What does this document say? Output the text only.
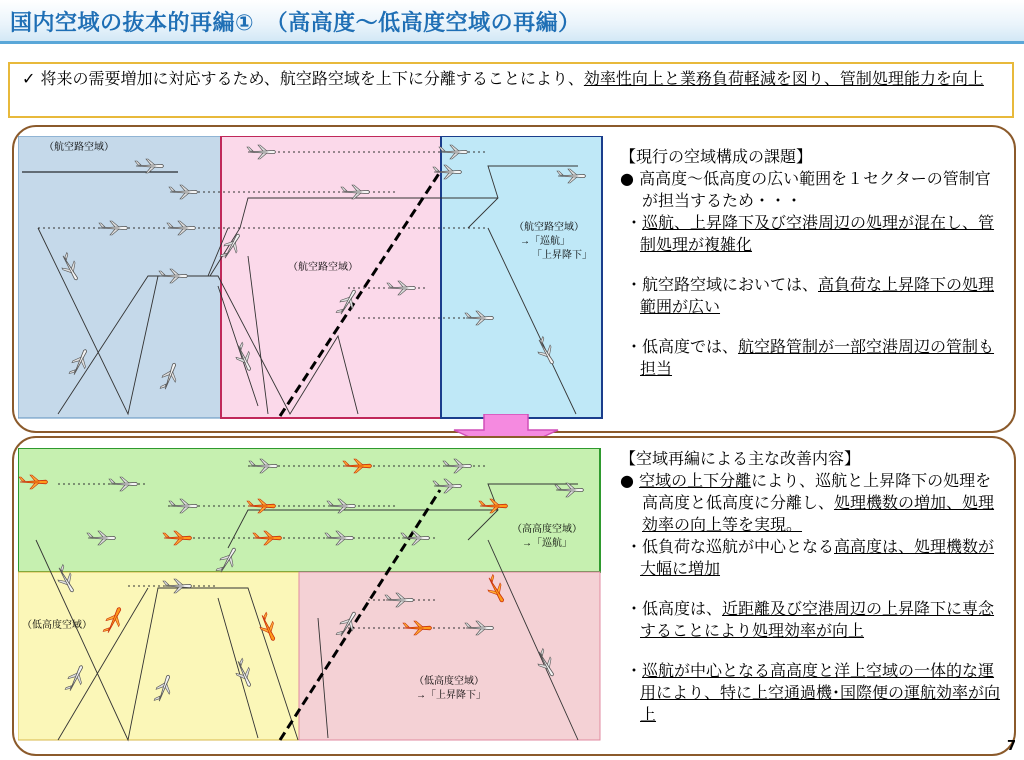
国内空域の抜本的再編①　（高高度～低高度空域の再編）
✓ 将来の需要増加に対応するため、航空路空域を上下に分離することにより、効率性向上と業務負荷軽減を図り、管制処理能力を向上
（航空路空域）
（航空路空域）
（航空路空域）
→「巡航」
「上昇降下」
【現行の空域構成の課題】
● 高高度～低高度の広い範囲を１セクターの管制官が担当するため・・・
・巡航、上昇降下及び空港周辺の処理が混在し、管制処理が複雑化
・航空路空域においては、高負荷な上昇降下の処理範囲が広い
・低高度では、航空路管制が一部空港周辺の管制も担当
（高高度空域）
→「巡航」
（低高度空域）
（低高度空域）
→「上昇降下」
【空域再編による主な改善内容】
● 空域の上下分離により、巡航と上昇降下の処理を高高度と低高度に分離し、処理機数の増加、処理効率の向上等を実現。
・低負荷な巡航が中心となる高高度は、処理機数が大幅に増加
・低高度は、近距離及び空港周辺の上昇降下に専念することにより処理効率が向上
・巡航が中心となる高高度と洋上空域の一体的な運用により、特に上空通過機･国際便の運航効率が向上
7
